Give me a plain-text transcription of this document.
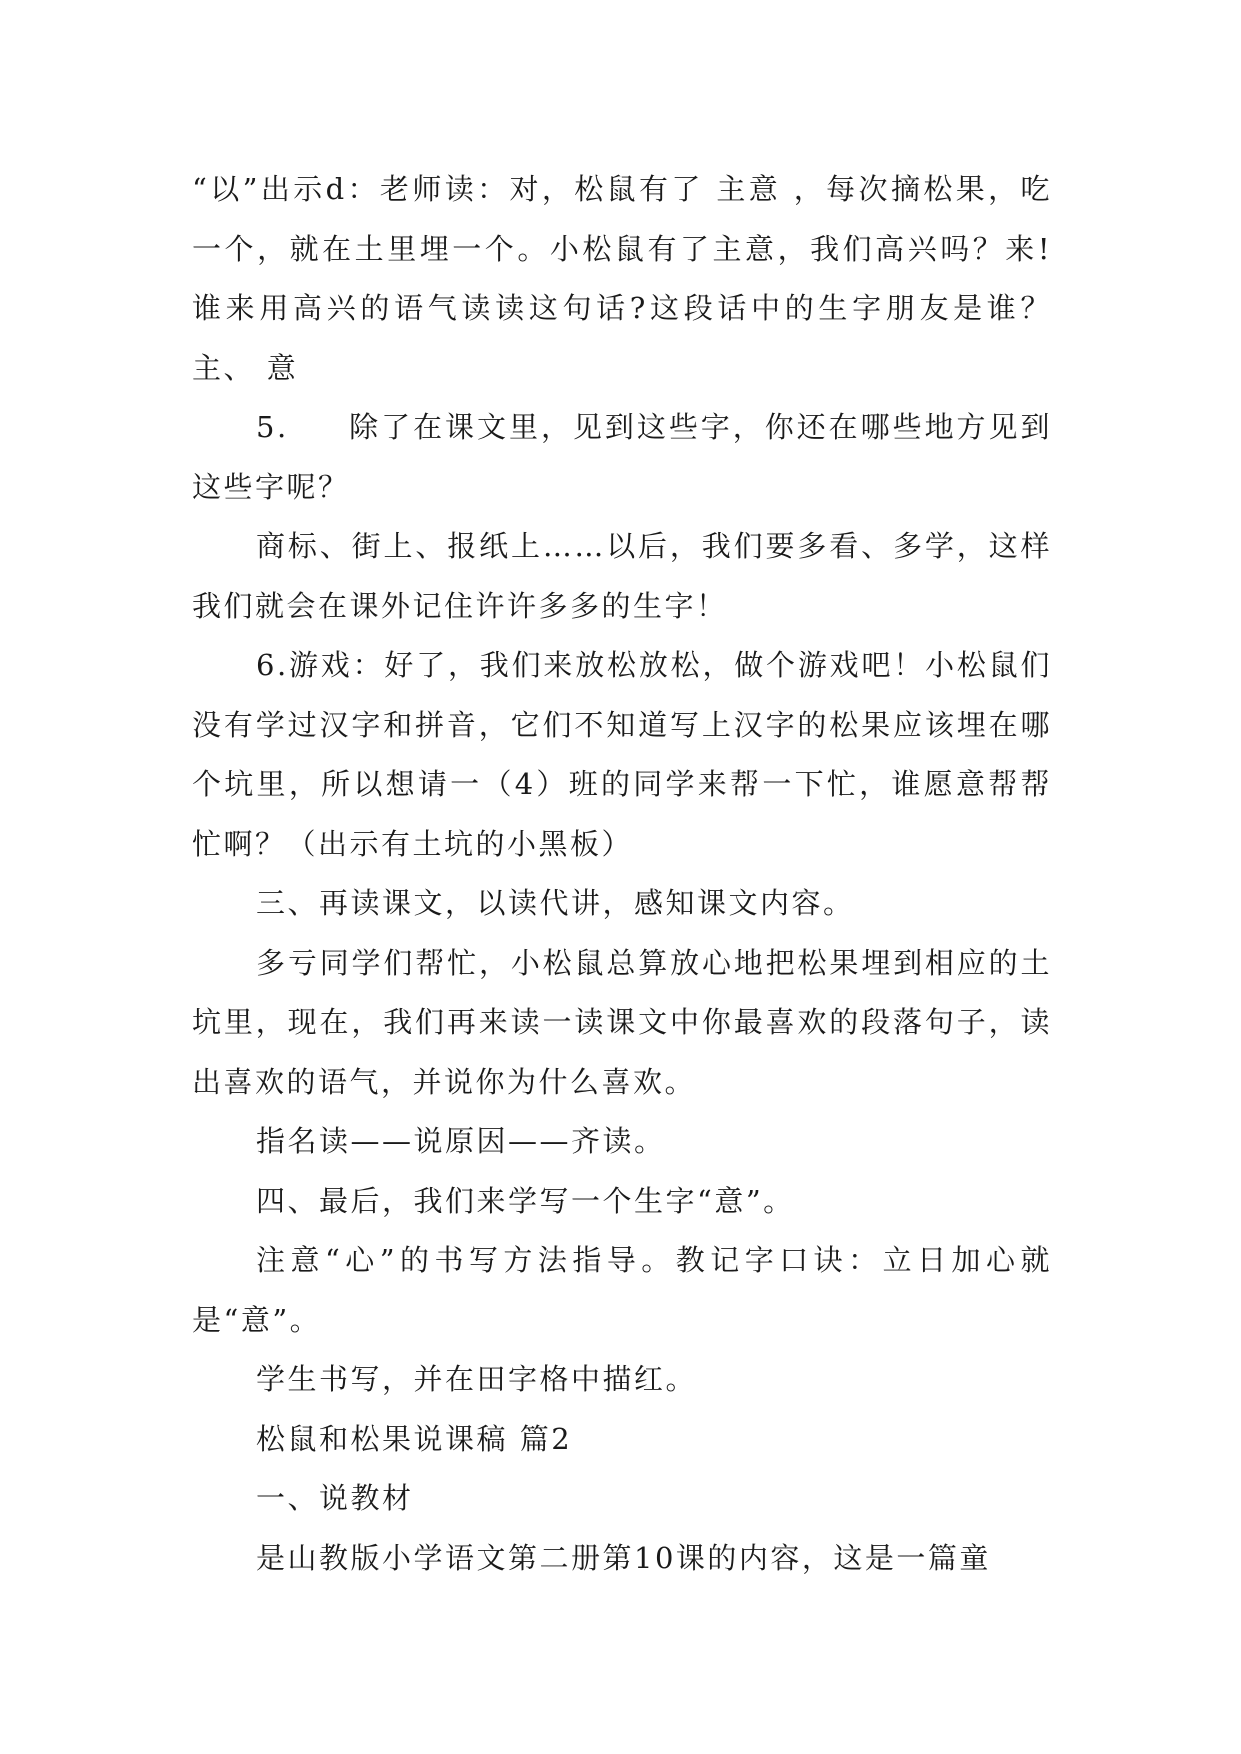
“以”出示d：老师读：对，松鼠有了 主意 ，每次摘松果，吃一个，就在土里埋一个。小松鼠有了主意，我们高兴吗？来!谁来用高兴的语气读读这句话?这段话中的生字朋友是谁？主、 意

5. 除了在课文里，见到这些字，你还在哪些地方见到这些字呢？

商标、街上、报纸上……以后，我们要多看、多学，这样我们就会在课外记住许许多多的生字！

6.游戏：好了，我们来放松放松，做个游戏吧！小松鼠们没有学过汉字和拼音，它们不知道写上汉字的松果应该埋在哪个坑里，所以想请一（4）班的同学来帮一下忙，谁愿意帮帮忙啊？（出示有土坑的小黑板）

三、再读课文，以读代讲，感知课文内容。

多亏同学们帮忙，小松鼠总算放心地把松果埋到相应的土坑里，现在，我们再来读一读课文中你最喜欢的段落句子，读出喜欢的语气，并说你为什么喜欢。

指名读——说原因——齐读。

四、最后，我们来学写一个生字“意”。

注意“心”的书写方法指导。教记字口诀：立日加心就是“意”。

学生书写，并在田字格中描红。

松鼠和松果说课稿 篇2

一、说教材

是山教版小学语文第二册第10课的内容，这是一篇童
